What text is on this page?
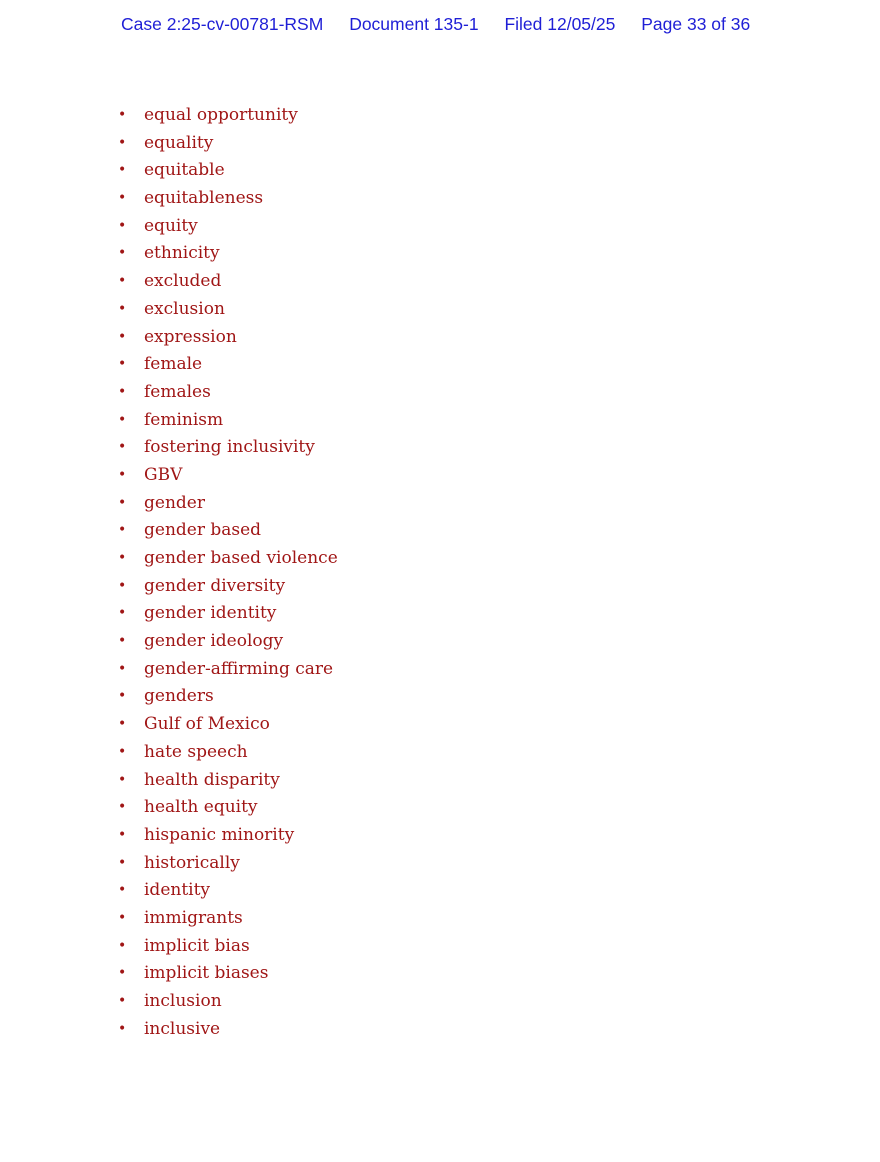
Case 2:25-cv-00781-RSM Document 135-1 Filed 12/05/25 Page 33 of 36
• equal opportunity
• equality
• equitable
• equitableness
• equity
• ethnicity
• excluded
• exclusion
• expression
• female
• females
• feminism
• fostering inclusivity
• GBV
• gender
• gender based
• gender based violence
• gender diversity
• gender identity
• gender ideology
• gender-affirming care
• genders
• Gulf of Mexico
• hate speech
• health disparity
• health equity
• hispanic minority
• historically
• identity
• immigrants
• implicit bias
• implicit biases
• inclusion
• inclusive
